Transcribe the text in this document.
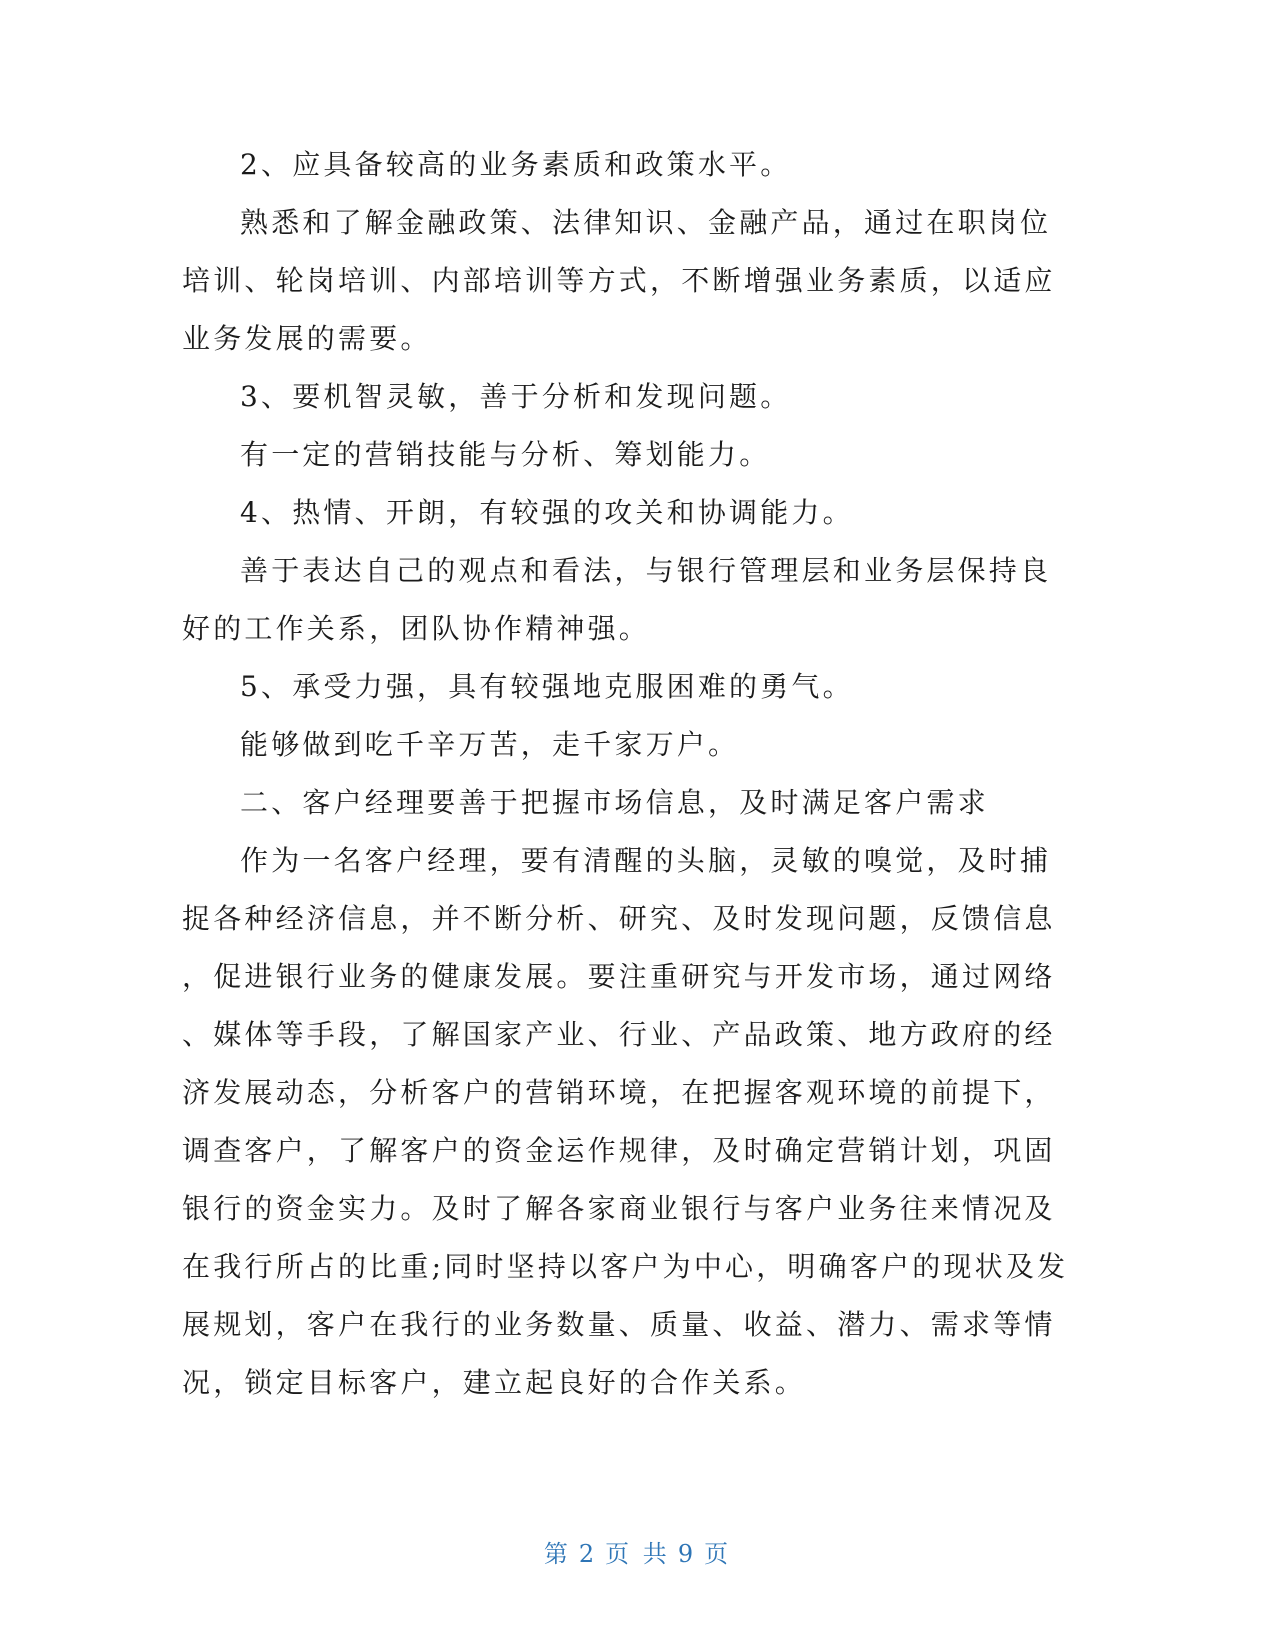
2、应具备较高的业务素质和政策水平。
熟悉和了解金融政策、法律知识、金融产品，通过在职岗位
培训、轮岗培训、内部培训等方式，不断增强业务素质，以适应
业务发展的需要。
3、要机智灵敏，善于分析和发现问题。
有一定的营销技能与分析、筹划能力。
4、热情、开朗，有较强的攻关和协调能力。
善于表达自己的观点和看法，与银行管理层和业务层保持良
好的工作关系，团队协作精神强。
5、承受力强，具有较强地克服困难的勇气。
能够做到吃千辛万苦，走千家万户。
二、客户经理要善于把握市场信息，及时满足客户需求
作为一名客户经理，要有清醒的头脑，灵敏的嗅觉，及时捕
捉各种经济信息，并不断分析、研究、及时发现问题，反馈信息
，促进银行业务的健康发展。要注重研究与开发市场，通过网络
、媒体等手段，了解国家产业、行业、产品政策、地方政府的经
济发展动态，分析客户的营销环境，在把握客观环境的前提下，
调查客户，了解客户的资金运作规律，及时确定营销计划，巩固
银行的资金实力。及时了解各家商业银行与客户业务往来情况及
在我行所占的比重;同时坚持以客户为中心，明确客户的现状及发
展规划，客户在我行的业务数量、质量、收益、潜力、需求等情
况，锁定目标客户，建立起良好的合作关系。
第 2 页 共 9 页
